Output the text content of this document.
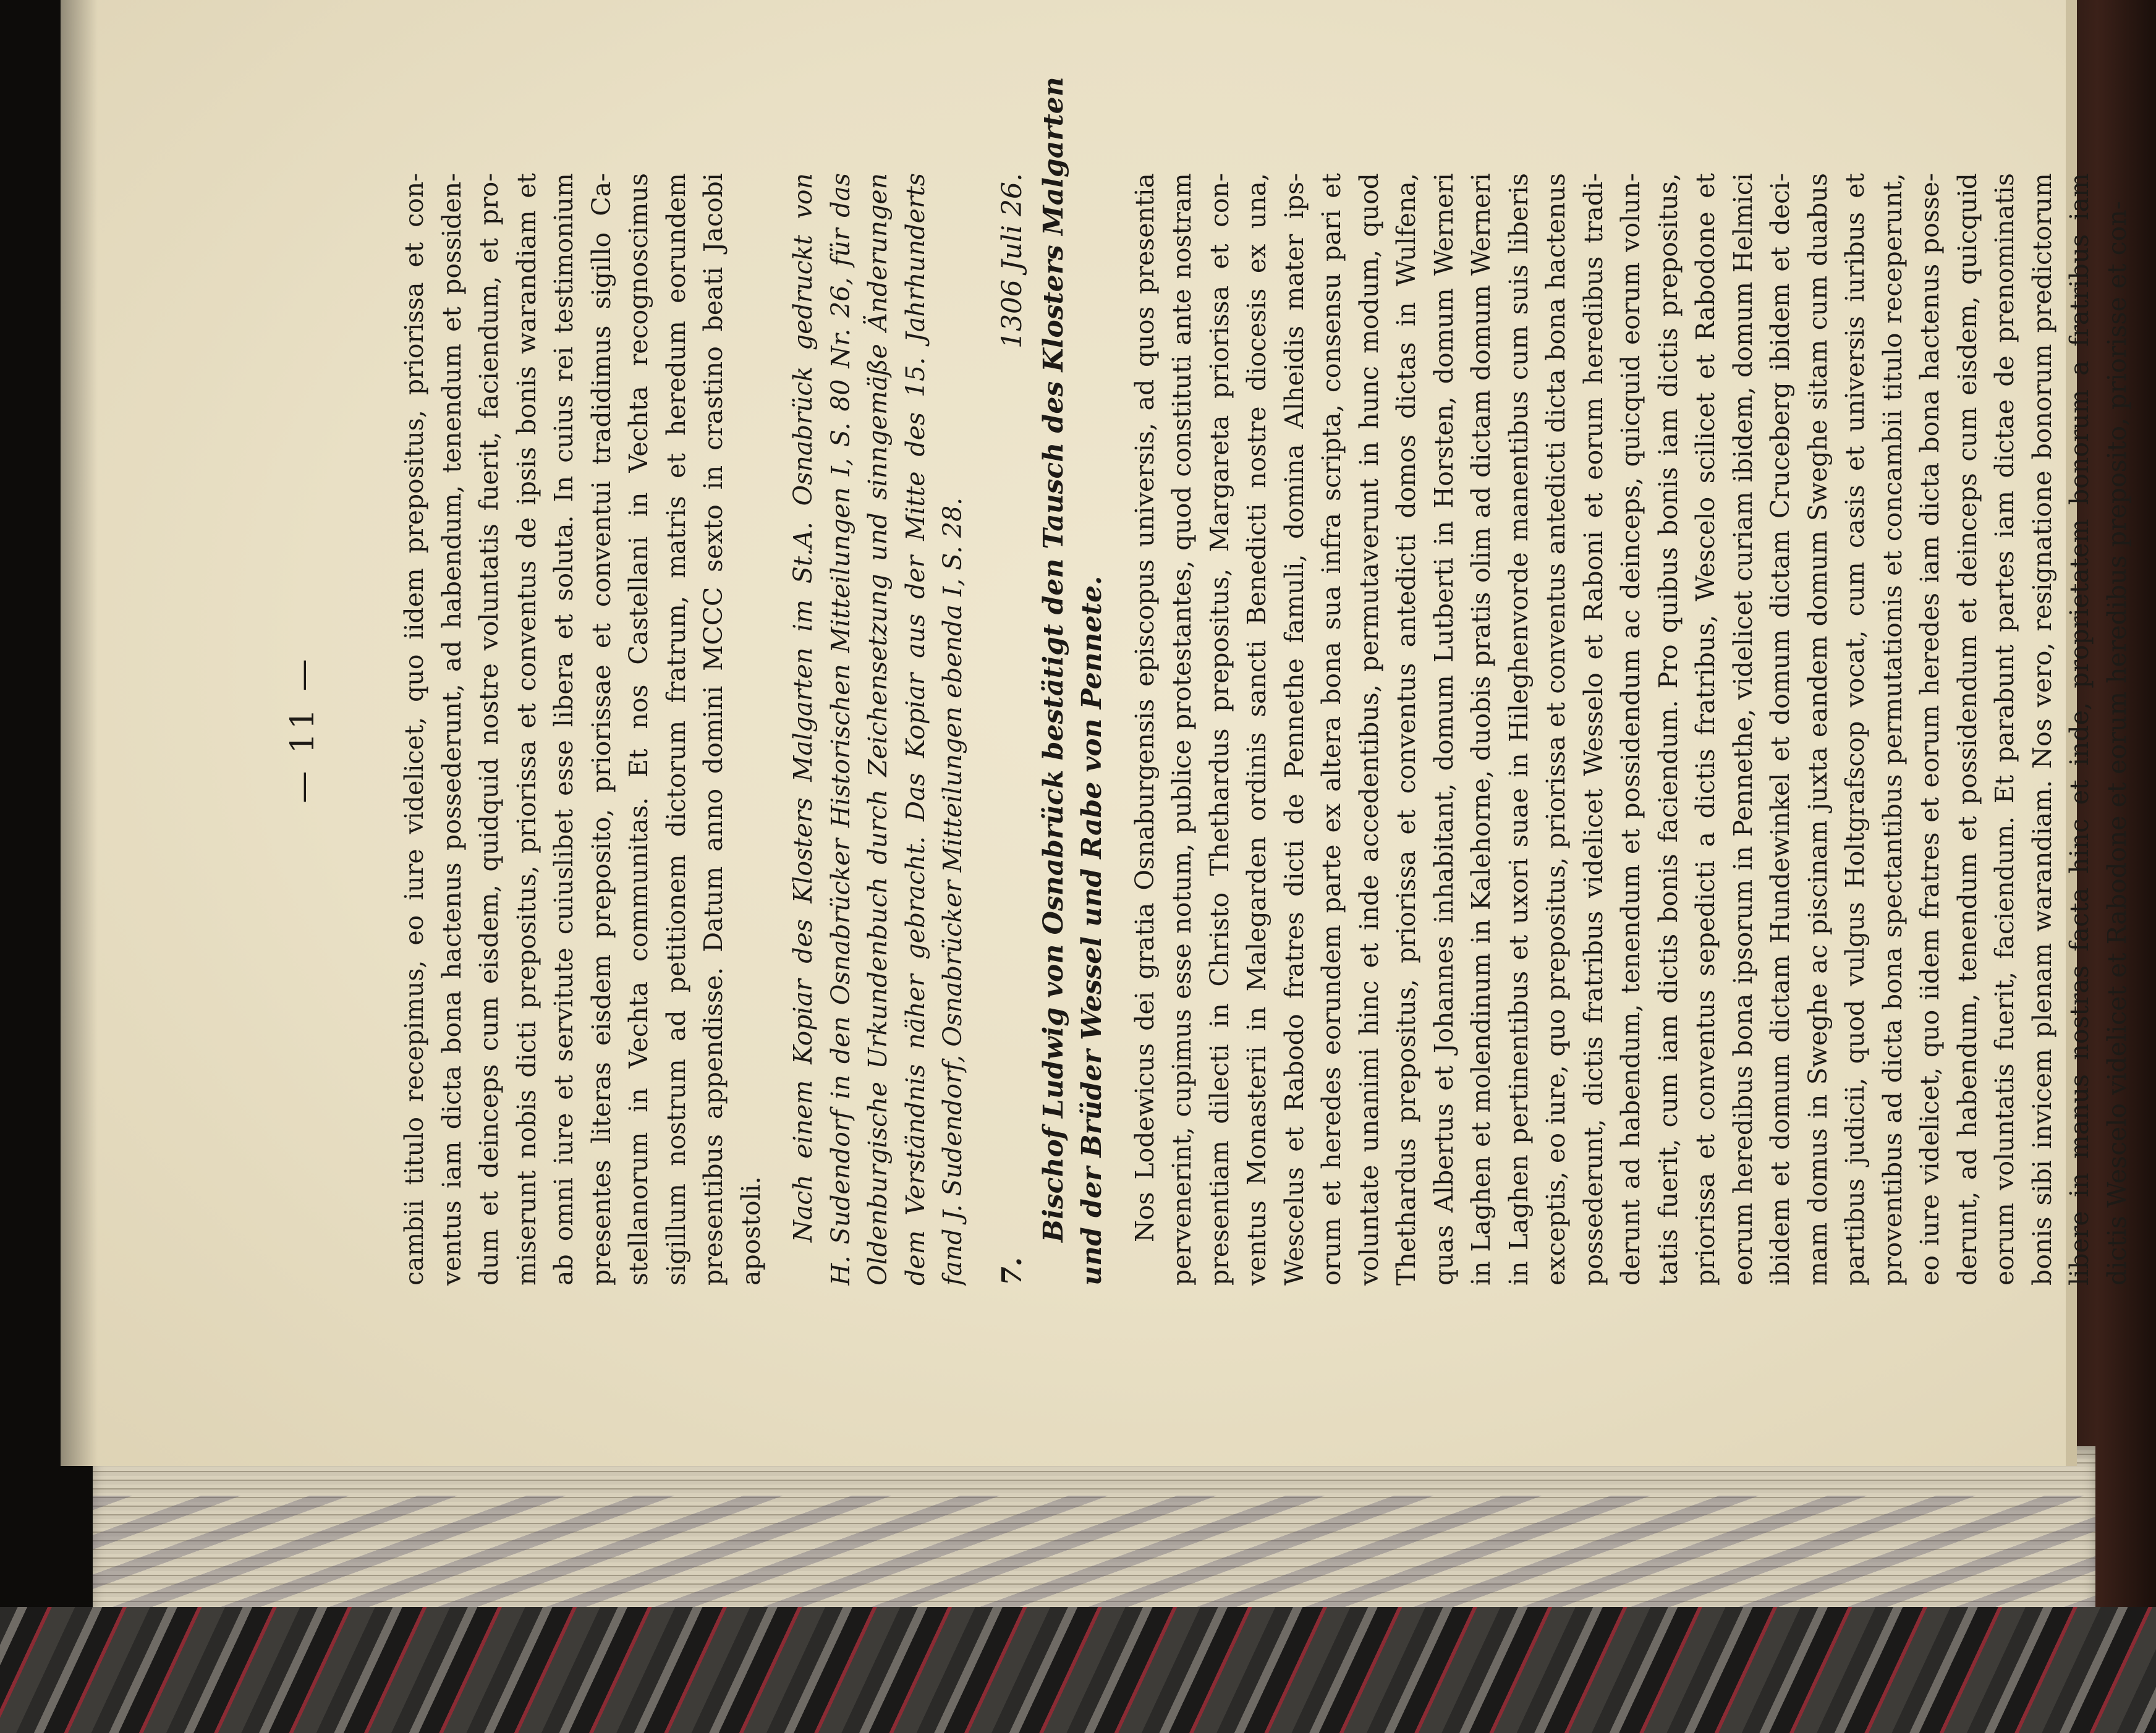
— 11 —	cambii titulo recepimus, eo iure videlicet, quo iidem prepositus, priorissa et con- ventus iam dicta bona hactenus possederunt, ad habendum, tenendum et possiden- dum et deinceps cum eisdem, quidquid nostre voluntatis fuerit, faciendum, et pro- miserunt nobis dicti prepositus, priorissa et conventus de ipsis bonis warandiam et ab omni iure et servitute cuiuslibet esse libera et soluta. In cuius rei testimonium presentes literas eisdem preposito, priorissae et conventui tradidimus sigillo Ca- stellanorum in Vechta communitas. Et nos Castellani in Vechta recognoscimus sigillum nostrum ad petitionem dictorum fratrum, matris et heredum eorundem presentibus appendisse. Datum anno domini MCCC sexto in crastino beati Jacobi apostoli. Nach einem Kopiar des Klosters Malgarten im St.A. Osnabrück gedruckt von H. Sudendorf in den Osnabrücker Historischen Mitteilungen I, S. 80 Nr. 26, für das Oldenburgische Urkundenbuch durch Zeichensetzung und sinngemäße Änderungen dem Verständnis näher gebracht. Das Kopiar aus der Mitte des 15. Jahrhunderts fand J. Sudendorf, Osnabrücker Mitteilungen ebenda I, S. 28. 7.
1306 Juli 26. Bischof Ludwig von Osnabrück bestätigt den Tausch des Klosters Malgarten und der Brüder Wessel und Rabe von Pennete. Nos Lodewicus dei gratia Osnaburgensis episcopus universis, ad quos presentia pervenerint, cupimus esse notum, publice protestantes, quod constituti ante nostram presentiam dilecti in Christo Thethardus prepositus, Margareta priorissa et con- ventus Monasterii in Malegarden ordinis sancti Benedicti nostre diocesis ex una, Wescelus et Rabodo fratres dicti de Pennethe famuli, domina Alheidis mater ips- orum et heredes eorundem parte ex altera bona sua infra scripta, consensu pari et voluntate unanimi hinc et inde accedentibus, permutaverunt in hunc modum, quod Thethardus prepositus, priorissa et conventus antedicti domos dictas in Wulfena, quas Albertus et Johannes inhabitant, domum Lutberti in Horsten, domum Werneri in Laghen et molendinum in Kalehorne, duobis pratis olim ad dictam domum Werneri in Laghen pertinentibus et uxori suae in Hileghenvorde manentibus cum suis liberis exceptis, eo iure, quo prepositus, priorissa et conventus antedicti dicta bona hactenus possederunt, dictis fratribus videlicet Wesselo et Raboni et eorum heredibus tradi- derunt ad habendum, tenendum et possidendum ac deinceps, quicquid eorum volun- tatis fuerit, cum iam dictis bonis faciendum. Pro quibus bonis iam dictis prepositus, priorissa et conventus sepedicti a dictis fratribus, Wescelo scilicet et Rabodone et eorum heredibus bona ipsorum in Pennethe, videlicet curiam ibidem, domum Helmici ibidem et domum dictam Hundewinkel et domum dictam Cruceberg ibidem et deci- mam domus in Sweghe ac piscinam juxta eandem domum Sweghe sitam cum duabus partibus judicii, quod vulgus Holtgrafscop vocat, cum casis et universis iuribus et proventibus ad dicta bona spectantibus permutationis et concambii titulo receperunt, eo iure videlicet, quo iidem fratres et eorum heredes iam dicta bona hactenus posse- derunt, ad habendum, tenendum et possidendum et deinceps cum eisdem, quicquid eorum voluntatis fuerit, faciendum. Et parabunt partes iam dictae de prenominatis bonis sibi invicem plenam warandiam. Nos vero, resignatione bonorum predictorum libere in manus nostras facta hinc et inde, proprietatem bonorum a fratribus iam dictis Wescelo videlicet et Rabodone et eorum heredibus preposito, priorisse et con-
